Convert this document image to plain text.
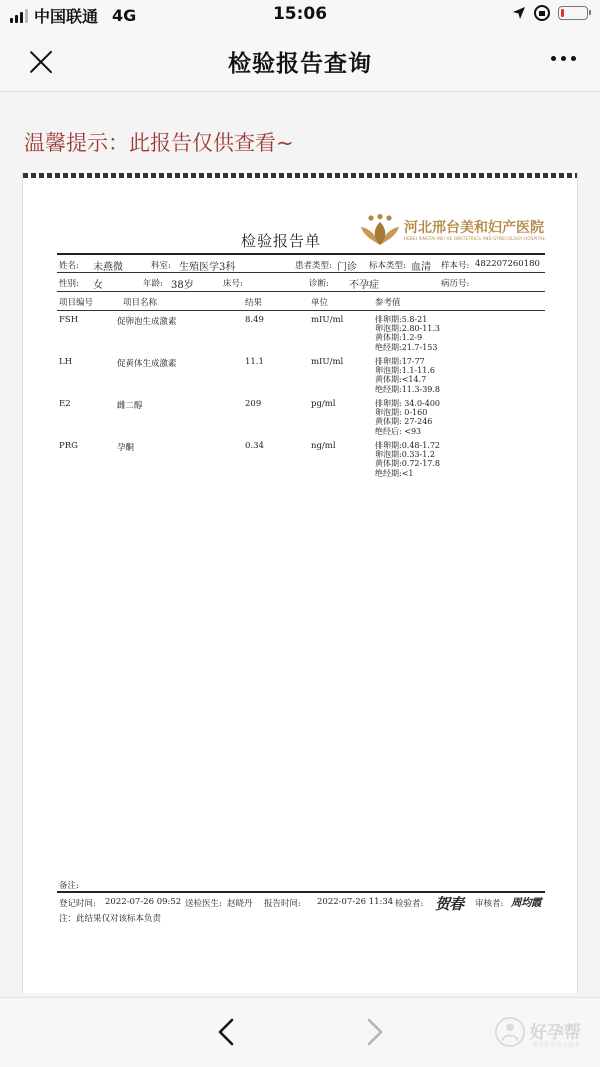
中国联通 4G	15:06
检验报告查询
温馨提示：此报告仅供查看~
检验报告单
河北邢台美和妇产医院
HEBEI XINGTAI MEI HE OBSTETRICS AND GYNECOLOGY HOSPITAL
姓名: 未燕微	科室: 生殖医学3科	患者类型: 门诊 标本类型: 血清 样本号: 482207260180
性别: 女	年龄: 38岁	床号:	诊断: 不孕症	病历号:
项目编号	项目名称	结果	单位	参考值
FSH	促卵泡生成激素	8.49	mIU/ml	排卵期:5.8-21
卵泡期:2.80-11.3
黄体期:1.2-9
绝经期:21.7-153
LH	促黄体生成激素	11.1	mIU/ml	排卵期:17-77
卵泡期:1.1-11.6
黄体期:<14.7
绝经期:11.3-39.8
E2	雌二醇	209	pg/ml	排卵期: 34.0-400
卵泡期: 0-160
黄体期: 27-246
绝经后: <93
PRG	孕酮	0.34	ng/ml	排卵期:0.48-1.72
卵泡期:0.33-1.2
黄体期:0.72-17.8
绝经期:<1
备注:
登记时间: 2022-07-26 09:52 送检医生: 赵晓丹 报告时间: 2022-07-26 11:34 检验者: 贺春 审核者: 周均霞
注：此结果仅对该标本负责
好孕帮
备孕怀孕育儿助手
